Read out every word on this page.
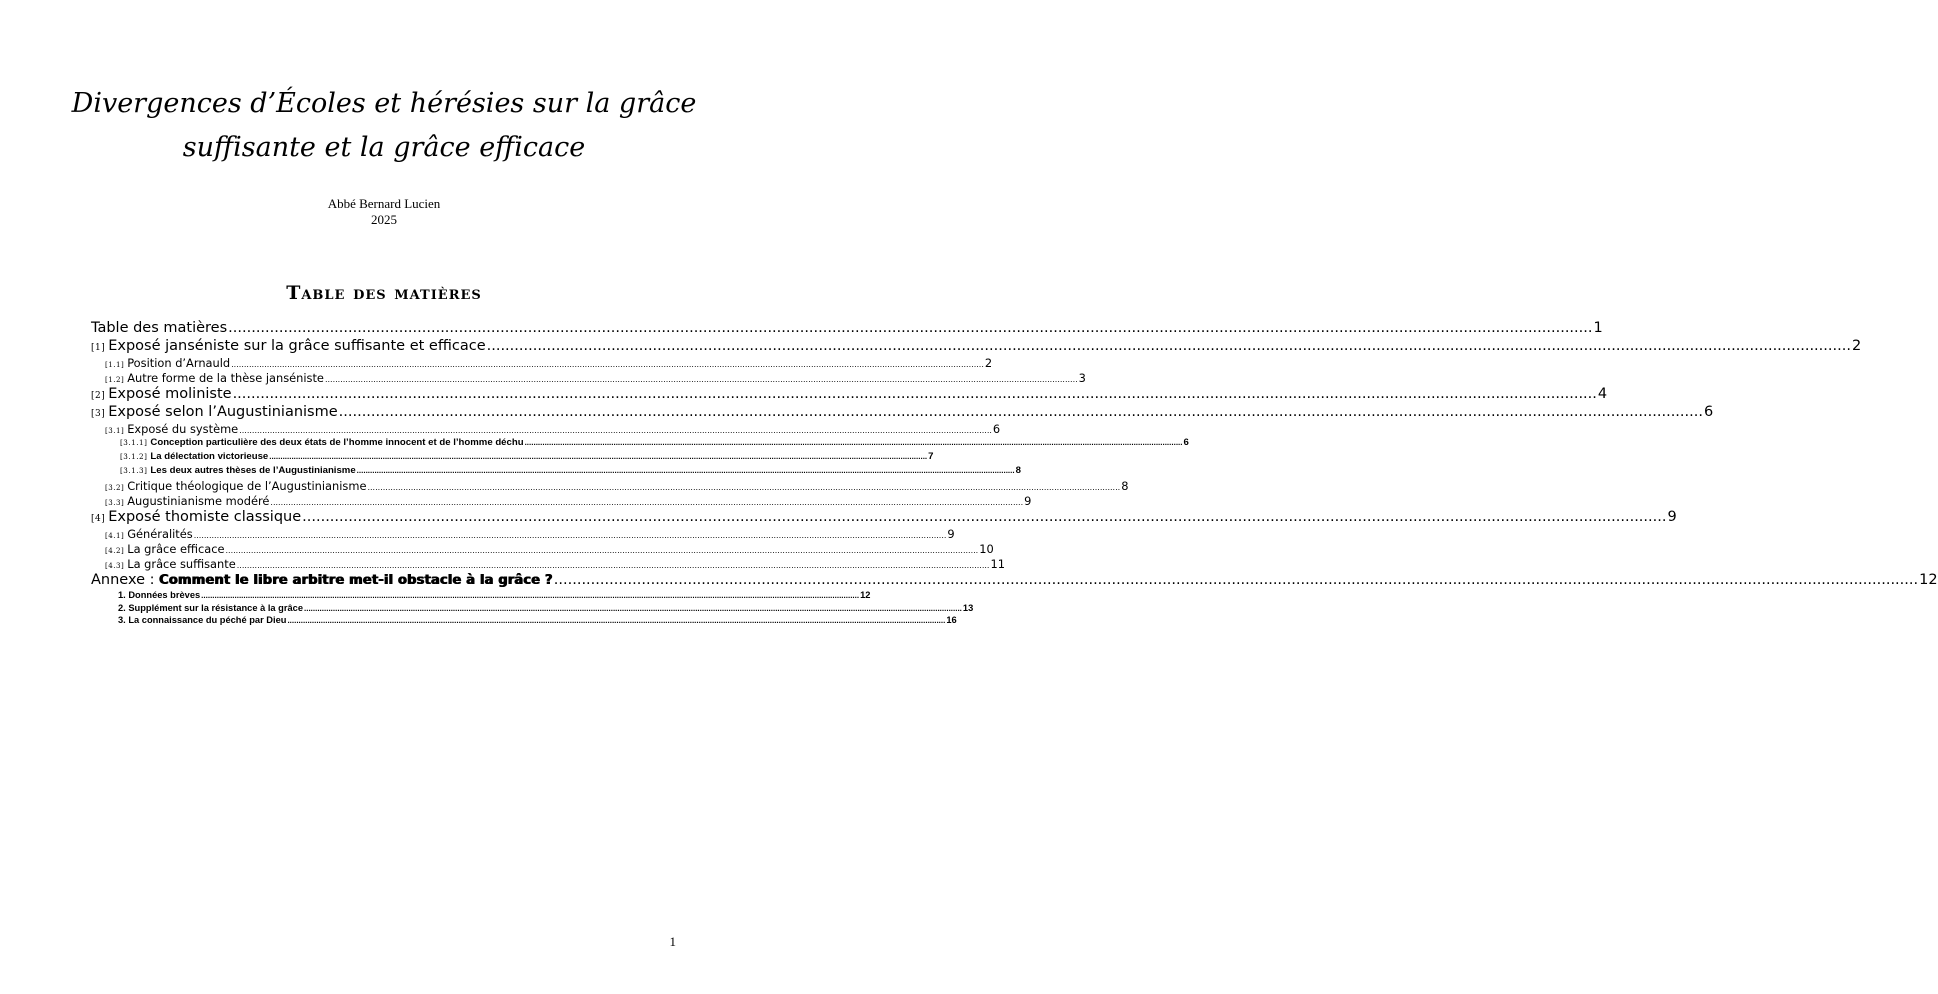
Divergences d’Écoles et hérésies sur la grâce
suffisante et la grâce efficace
Abbé Bernard Lucien
2025
Table des matières
Table des matières .....	1
[1] Exposé janséniste sur la grâce suffisante et efficace .....	2
[1.1] Position d’Arnauld .....	2
[1.2] Autre forme de la thèse janséniste .....	3
[2] Exposé moliniste .....	4
[3] Exposé selon l’Augustinianisme .....	6
[3.1] Exposé du système .....	6
[3.1.1] Conception particulière des deux états de l’homme innocent et de l’homme déchu .....	6
[3.1.2] La délectation victorieuse .....	7
[3.1.3] Les deux autres thèses de l’Augustinianisme .....	8
[3.2] Critique théologique de l’Augustinianisme .....	8
[3.3] Augustinianisme modéré .....	9
[4] Exposé thomiste classique .....	9
[4.1] Généralités .....	9
[4.2] La grâce efficace .....	10
[4.3] La grâce suffisante .....	11
Annexe : Comment le libre arbitre met-il obstacle à la grâce ? .....	12
1. Données brèves .....	12
2. Supplément sur la résistance à la grâce .....	13
3. La connaissance du péché par Dieu .....	16
1
